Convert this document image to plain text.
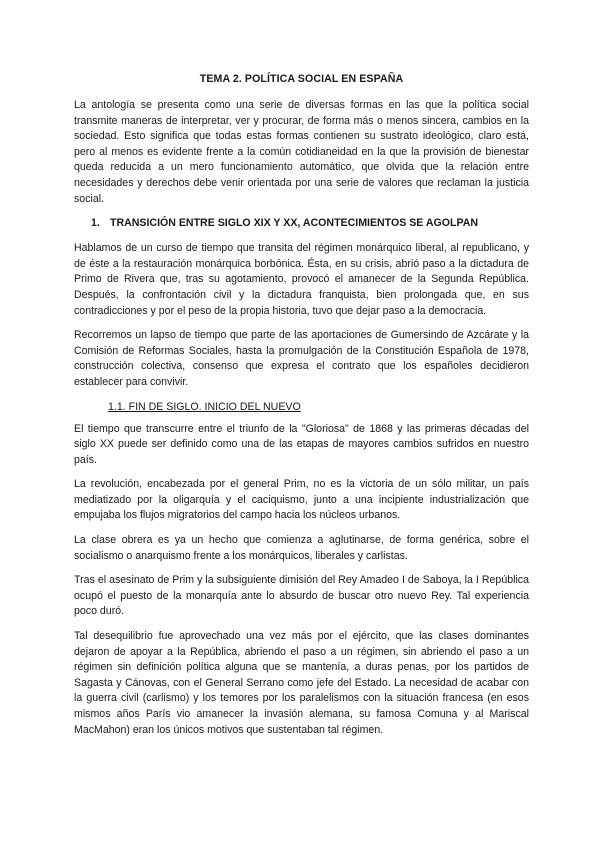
TEMA 2. POLÍTICA SOCIAL EN ESPAÑA

La antología se presenta como una serie de diversas formas en las que la política social transmite maneras de interpretar, ver y procurar, de forma más o menos sincera, cambios en la sociedad. Esto significa que todas estas formas contienen su sustrato ideológico, claro está, pero al menos es evidente frente a la común cotidianeidad en la que la provisión de bienestar queda reducida a un mero funcionamiento automático, que olvida que la relación entre necesidades y derechos debe venir orientada por una serie de valores que reclaman la justicia social.

1. TRANSICIÓN ENTRE SIGLO XIX Y XX, ACONTECIMIENTOS SE AGOLPAN

Hablamos de un curso de tiempo que transita del régimen monárquico liberal, al republicano, y de éste a la restauración monárquica borbónica. Ésta, en su crisis, abrió paso a la dictadura de Primo de Rivera que, tras su agotamiento, provocó el amanecer de la Segunda República. Después, la confrontación civil y la dictadura franquista, bien prolongada que, en sus contradicciones y por el peso de la propia historia, tuvo que dejar paso a la democracia.

Recorremos un lapso de tiempo que parte de las aportaciones de Gumersindo de Azcárate y la Comisión de Reformas Sociales, hasta la promulgación de la Constitución Española de 1978, construcción colectiva, consenso que expresa el contrato que los españoles decidieron establecer para convivir.

1.1. FIN DE SIGLO. INICIO DEL NUEVO

El tiempo que transcurre entre el triunfo de la "Gloriosa" de 1868 y las primeras décadas del siglo XX puede ser definido como una de las etapas de mayores cambios sufridos en nuestro país.

La revolución, encabezada por el general Prim, no es la victoria de un sólo militar, un país mediatizado por la oligarquía y el caciquismo, junto a una incipiente industrialización que empujaba los flujos migratorios del campo hacia los núcleos urbanos.

La clase obrera es ya un hecho que comienza a aglutinarse, de forma genérica, sobre el socialismo o anarquismo frente a los monárquicos, liberales y carlistas.

Tras el asesinato de Prim y la subsiguiente dimisión del Rey Amadeo I de Saboya, la I República ocupó el puesto de la monarquía ante lo absurdo de buscar otro nuevo Rey. Tal experiencia poco duró.

Tal desequilibrio fue aprovechado una vez más por el ejército, que las clases dominantes dejaron de apoyar a la República, abriendo el paso a un régimen, sin abriendo el paso a un régimen sin definición política alguna que se mantenía, a duras penas, por los partidos de Sagasta y Cánovas, con el General Serrano como jefe del Estado. La necesidad de acabar con la guerra civil (carlismo) y los temores por los paralelismos con la situación francesa (en esos mismos años París vio amanecer la invasión alemana, su famosa Comuna y al Mariscal MacMahon) eran los únicos motivos que sustentaban tal régimen.
